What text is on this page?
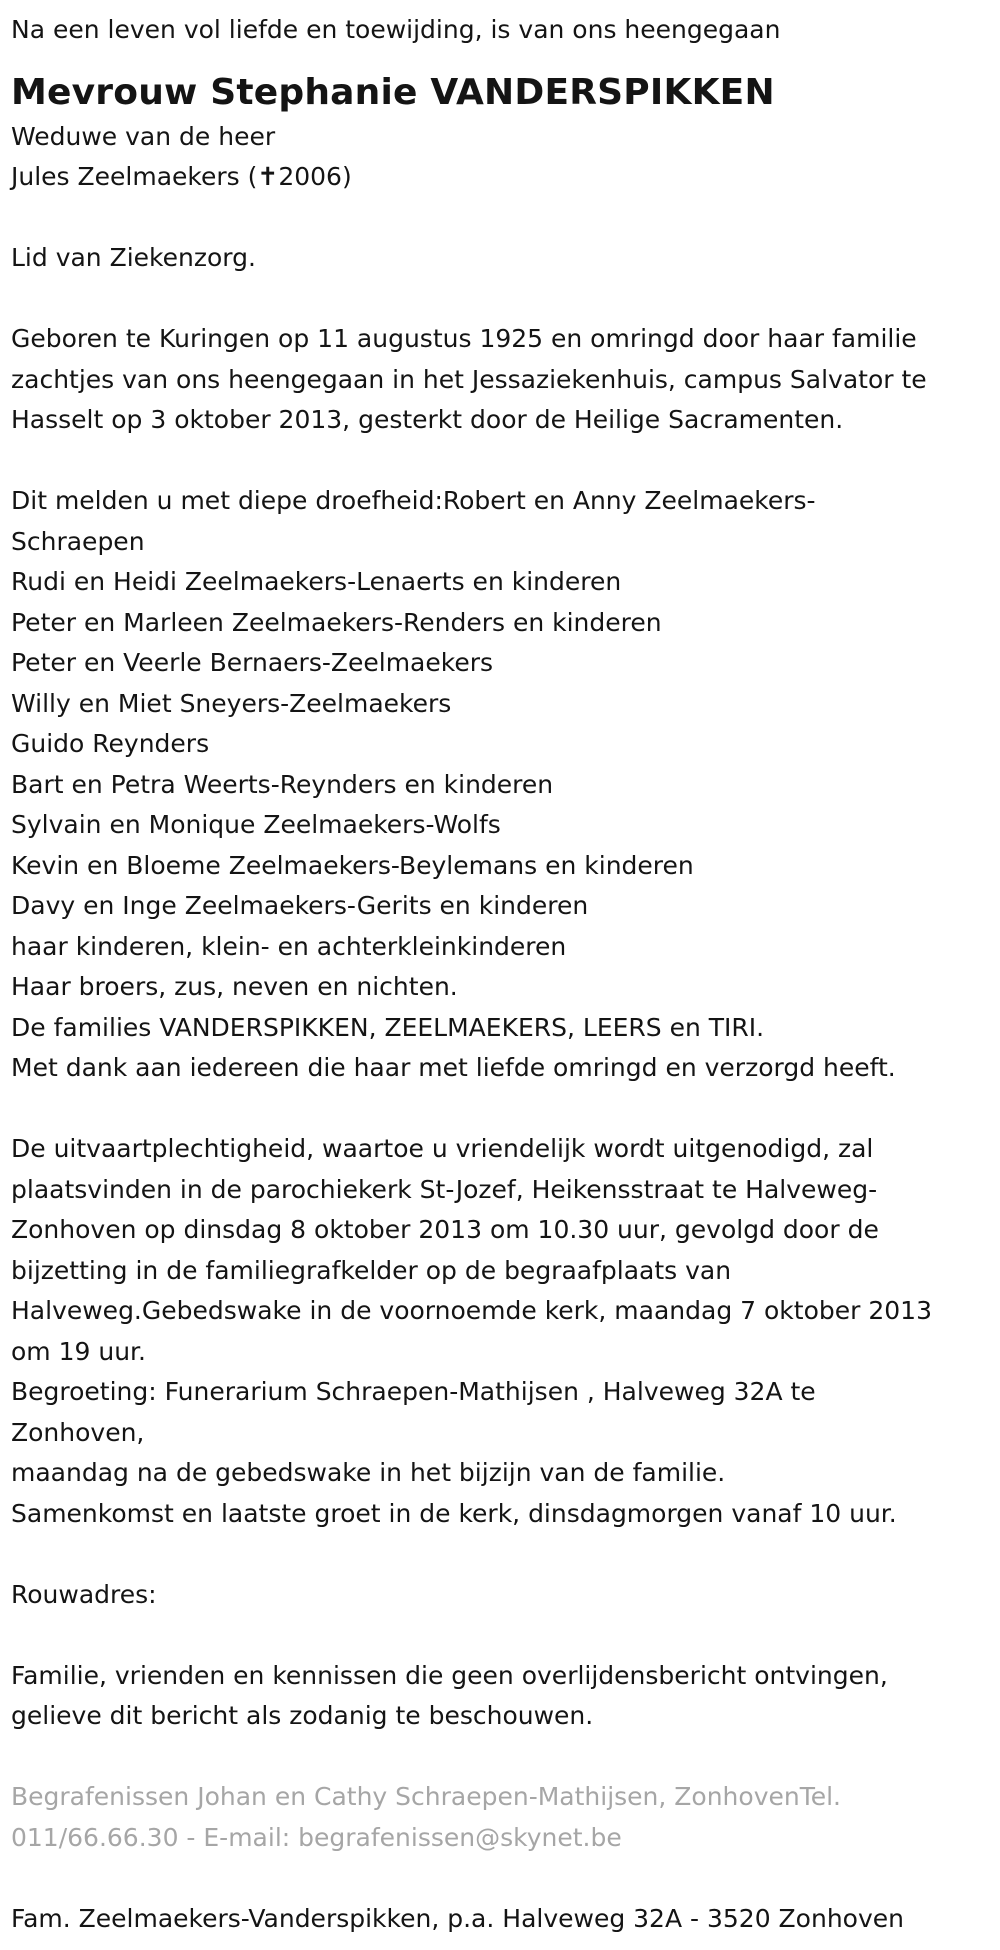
Na een leven vol liefde en toewijding, is van ons heengegaan
Mevrouw Stephanie VANDERSPIKKEN
Weduwe van de heer
Jules Zeelmaekers (✝2006)
Lid van Ziekenzorg.
Geboren te Kuringen op 11 augustus 1925 en omringd door haar familie
zachtjes van ons heengegaan in het Jessaziekenhuis, campus Salvator te
Hasselt op 3 oktober 2013, gesterkt door de Heilige Sacramenten.
Dit melden u met diepe droefheid:Robert en Anny Zeelmaekers-
Schraepen
Rudi en Heidi Zeelmaekers-Lenaerts en kinderen
Peter en Marleen Zeelmaekers-Renders en kinderen
Peter en Veerle Bernaers-Zeelmaekers
Willy en Miet Sneyers-Zeelmaekers
Guido Reynders
Bart en Petra Weerts-Reynders en kinderen
Sylvain en Monique Zeelmaekers-Wolfs
Kevin en Bloeme Zeelmaekers-Beylemans en kinderen
Davy en Inge Zeelmaekers-Gerits en kinderen
haar kinderen, klein- en achterkleinkinderen
Haar broers, zus, neven en nichten.
De families VANDERSPIKKEN, ZEELMAEKERS, LEERS en TIRI.
Met dank aan iedereen die haar met liefde omringd en verzorgd heeft.
De uitvaartplechtigheid, waartoe u vriendelijk wordt uitgenodigd, zal
plaatsvinden in de parochiekerk St-Jozef, Heikensstraat te Halveweg-
Zonhoven op dinsdag 8 oktober 2013 om 10.30 uur, gevolgd door de
bijzetting in de familiegrafkelder op de begraafplaats van
Halveweg.Gebedswake in de voornoemde kerk, maandag 7 oktober 2013
om 19 uur.
Begroeting: Funerarium Schraepen-Mathijsen , Halveweg 32A te
Zonhoven,
maandag na de gebedswake in het bijzijn van de familie.
Samenkomst en laatste groet in de kerk, dinsdagmorgen vanaf 10 uur.
Rouwadres:
Familie, vrienden en kennissen die geen overlijdensbericht ontvingen,
gelieve dit bericht als zodanig te beschouwen.
Begrafenissen Johan en Cathy Schraepen-Mathijsen, ZonhovenTel.
011/66.66.30 - E-mail: begrafenissen@skynet.be
Fam. Zeelmaekers-Vanderspikken, p.a. Halveweg 32A - 3520 Zonhoven
